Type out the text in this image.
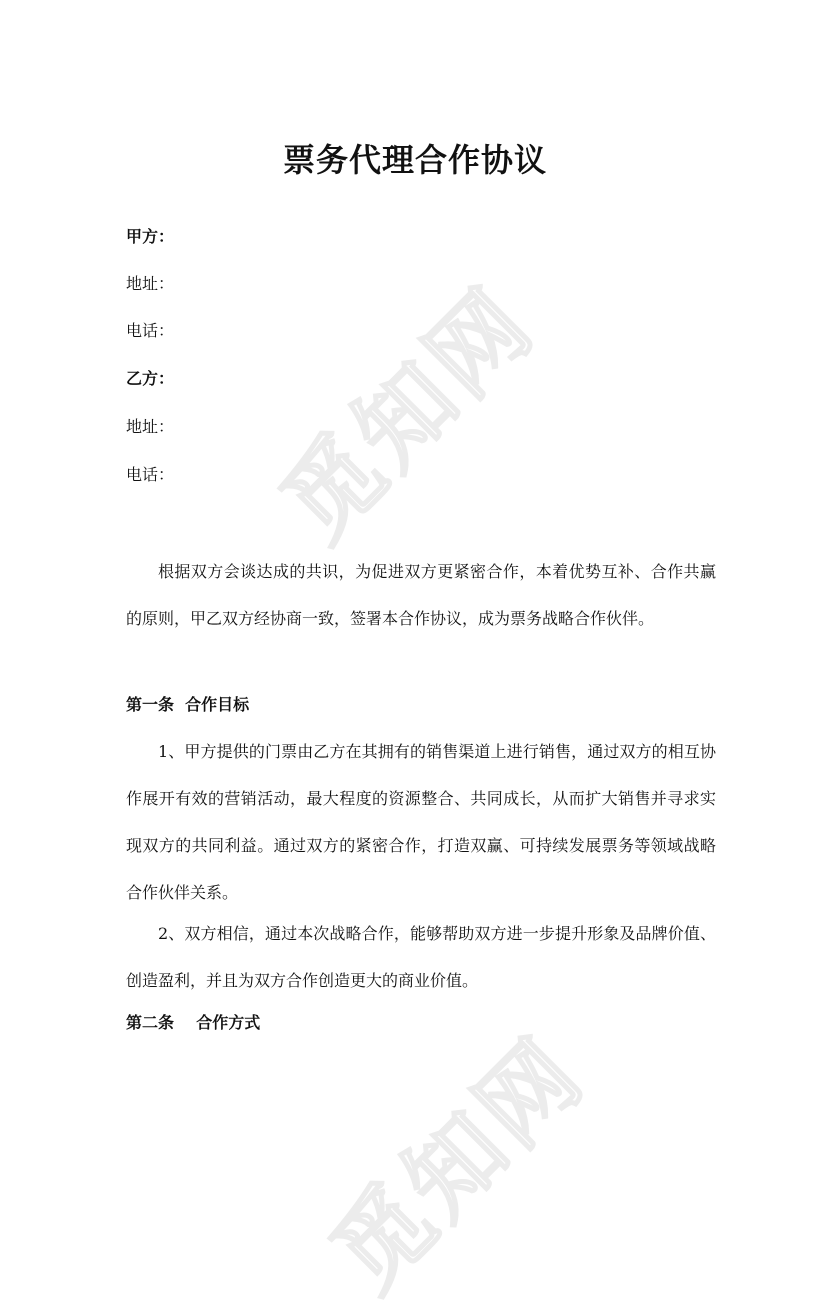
觅知网
觅知网
票务代理合作协议

甲方：

地址：

电话：

乙方：

地址：

电话：

根据双方会谈达成的共识，为促进双方更紧密合作，本着优势互补、合作共赢的原则，甲乙双方经协商一致，签署本合作协议，成为票务战略合作伙伴。

第一条  合作目标

1、甲方提供的门票由乙方在其拥有的销售渠道上进行销售，通过双方的相互协作展开有效的营销活动，最大程度的资源整合、共同成长，从而扩大销售并寻求实现双方的共同利益。通过双方的紧密合作，打造双赢、可持续发展票务等领域战略合作伙伴关系。

2、双方相信，通过本次战略合作，能够帮助双方进一步提升形象及品牌价值、创造盈利，并且为双方合作创造更大的商业价值。

第二条    合作方式
